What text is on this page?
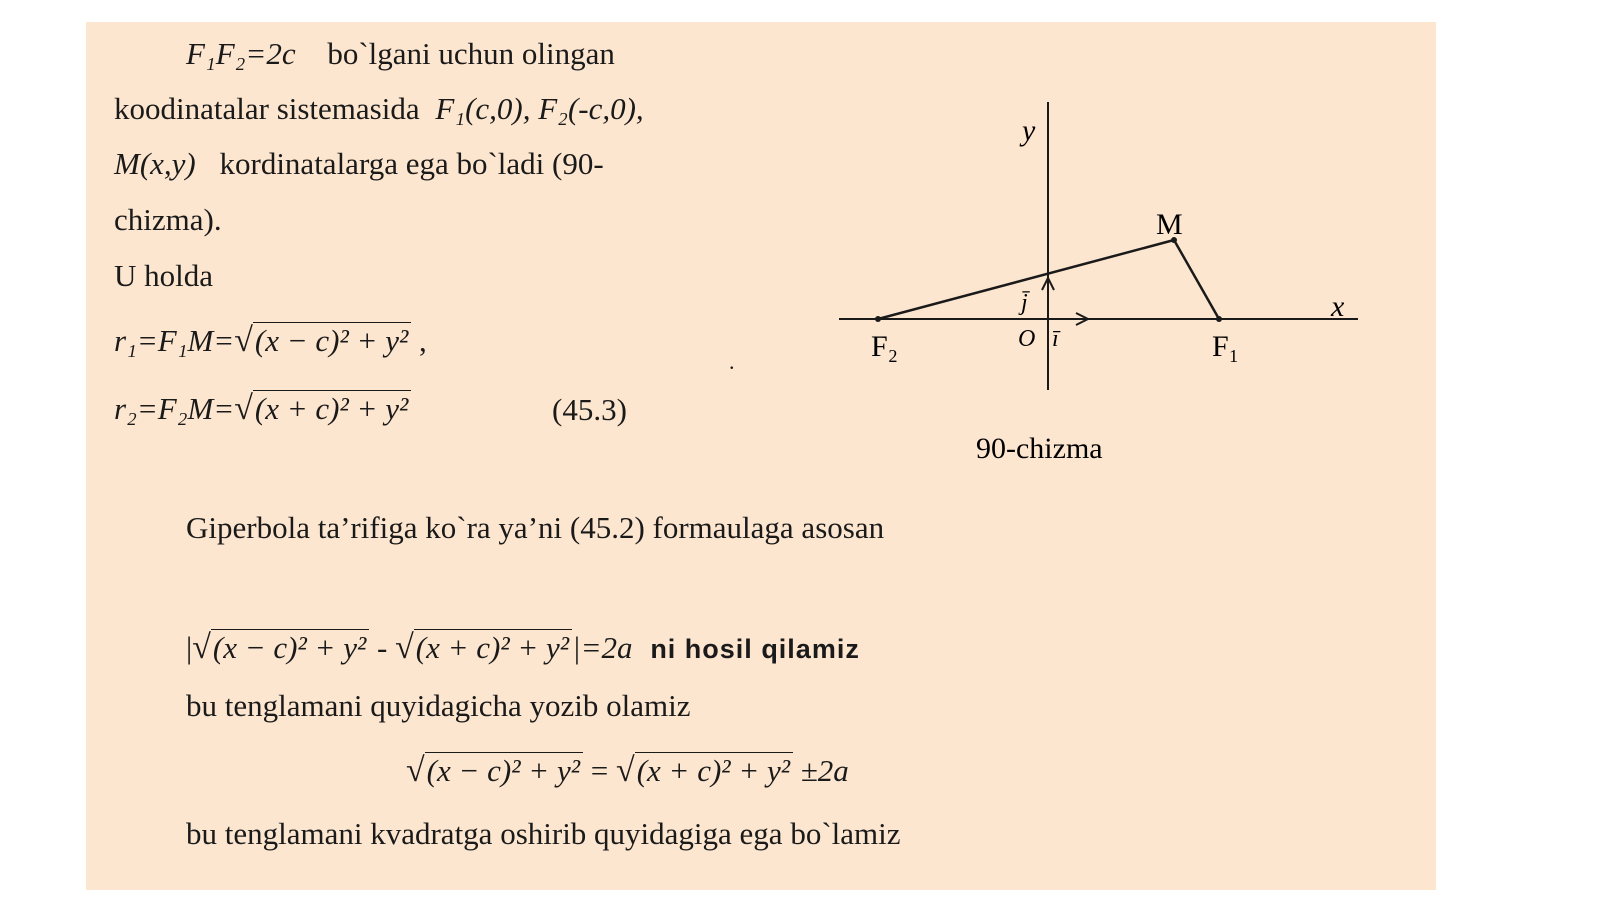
F₁F₂=2c bo`lgani uchun olingan
koodinatalar sistemasida F₁(c,0), F₂(-c,0),
M(x,y) kordinatalarga ega bo`ladi (90-
chizma).
U holda
r₁=F₁M=√(x − c)² + y² ,
r₂=F₂M=√(x + c)² + y²	(45.3)
.
y
x
M
F₂	F₁
O ī
j̄
90-chizma
Giperbola ta’rifiga ko`ra ya’ni (45.2) formaulaga asosan
|√(x − c)² + y² - √(x + c)² + y²|=2a ni hosil qilamiz
bu tenglamani quyidagicha yozib olamiz
√(x − c)² + y² = √(x + c)² + y² ±2a
bu tenglamani kvadratga oshirib quyidagiga ega bo`lamiz
